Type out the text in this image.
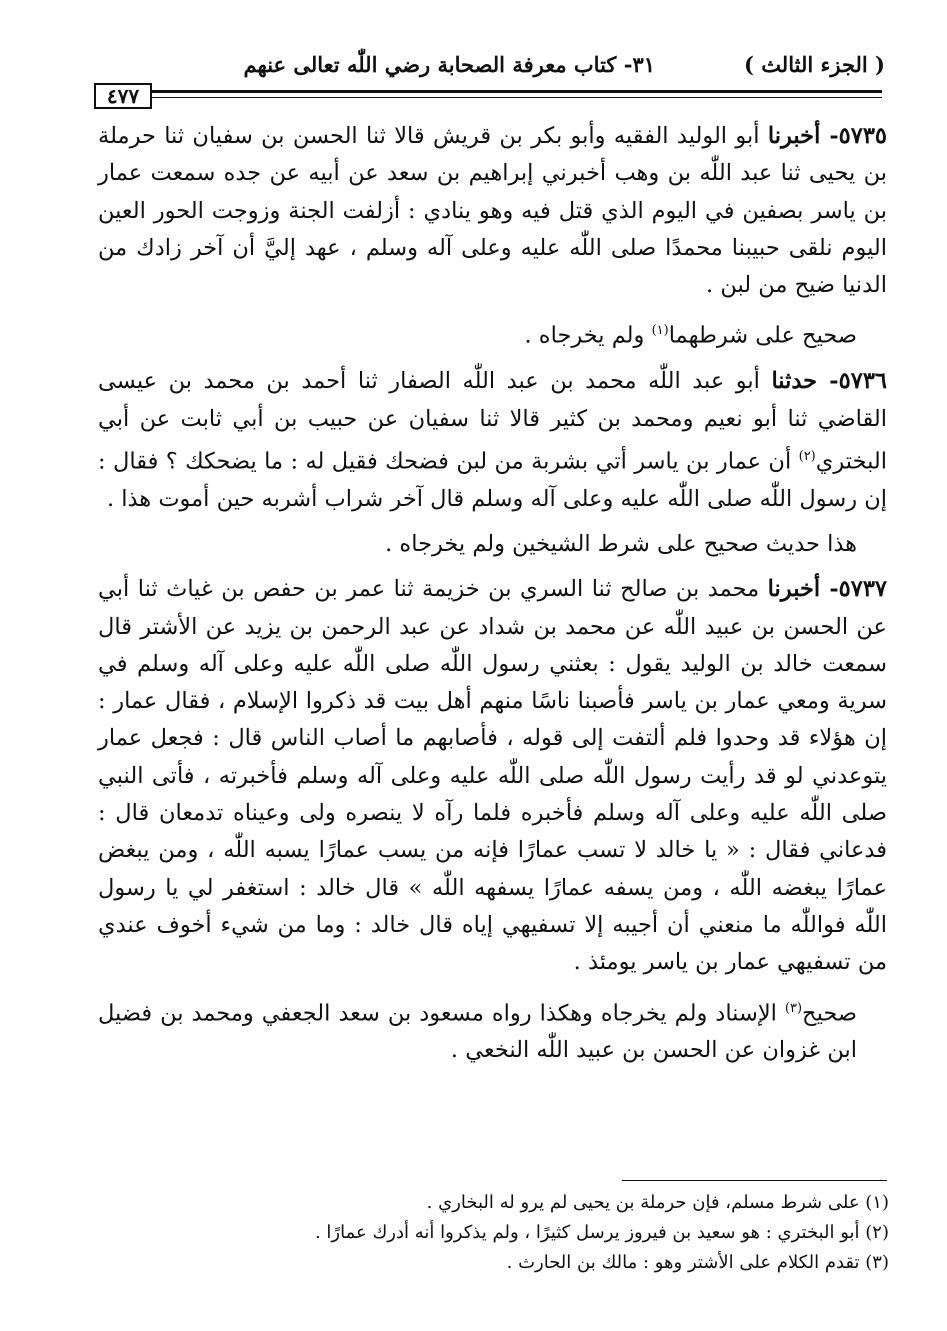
( الجزء الثالث )
٣١- كتاب معرفة الصحابة رضي اللّٰه تعالى عنهم
٤٧٧

٥٧٣٥- أخبرنا أبو الوليد الفقيه وأبو بكر بن قريش قالا ثنا الحسن بن سفيان ثنا حرملة بن يحيى ثنا عبد اللّٰه بن وهب أخبرني إبراهيم بن سعد عن أبيه عن جده سمعت عمار بن ياسر بصفين في اليوم الذي قتل فيه وهو ينادي : أزلفت الجنة وزوجت الحور العين اليوم نلقى حبيبنا محمدًا صلى اللّٰه عليه وعلى آله وسلم ، عهد إليَّ أن آخر زادك من الدنيا ضيح من لبن .

صحيح على شرطهما$^{(١)}$ ولم يخرجاه .

٥٧٣٦- حدثنا أبو عبد اللّٰه محمد بن عبد اللّٰه الصفار ثنا أحمد بن محمد بن عيسى القاضي ثنا أبو نعيم ومحمد بن كثير قالا ثنا سفيان عن حبيب بن أبي ثابت عن أبي البختري$^{(٢)}$ أن عمار بن ياسر أتي بشربة من لبن فضحك فقيل له : ما يضحكك ؟ فقال : إن رسول اللّٰه صلى اللّٰه عليه وعلى آله وسلم قال آخر شراب أشربه حين أموت هذا .

هذا حديث صحيح على شرط الشيخين ولم يخرجاه .

٥٧٣٧- أخبرنا محمد بن صالح ثنا السري بن خزيمة ثنا عمر بن حفص بن غياث ثنا أبي عن الحسن بن عبيد اللّٰه عن محمد بن شداد عن عبد الرحمن بن يزيد عن الأشتر قال سمعت خالد بن الوليد يقول : بعثني رسول اللّٰه صلى اللّٰه عليه وعلى آله وسلم في سرية ومعي عمار بن ياسر فأصبنا ناسًا منهم أهل بيت قد ذكروا الإسلام ، فقال عمار : إن هؤلاء قد وحدوا فلم ألتفت إلى قوله ، فأصابهم ما أصاب الناس قال : فجعل عمار يتوعدني لو قد رأيت رسول اللّٰه صلى اللّٰه عليه وعلى آله وسلم فأخبرته ، فأتى النبي صلى اللّٰه عليه وعلى آله وسلم فأخبره فلما رآه لا ينصره ولى وعيناه تدمعان قال : فدعاني فقال : « يا خالد لا تسب عمارًا فإنه من يسب عمارًا يسبه اللّٰه ، ومن يبغض عمارًا يبغضه اللّٰه ، ومن يسفه عمارًا يسفهه اللّٰه » قال خالد : استغفر لي يا رسول اللّٰه فواللّٰه ما منعني أن أجيبه إلا تسفيهي إياه قال خالد : وما من شيء أخوف عندي من تسفيهي عمار بن ياسر يومئذ .

صحيح$^{(٣)}$ الإسناد ولم يخرجاه وهكذا رواه مسعود بن سعد الجعفي ومحمد بن فضيل ابن غزوان عن الحسن بن عبيد اللّٰه النخعي .

(١) على شرط مسلم، فإن حرملة بن يحيى لم يرو له البخاري .

(٢) أبو البختري : هو سعيد بن فيروز يرسل كثيرًا ، ولم يذكروا أنه أدرك عمارًا .

(٣) تقدم الكلام على الأشتر وهو : مالك بن الحارث .
